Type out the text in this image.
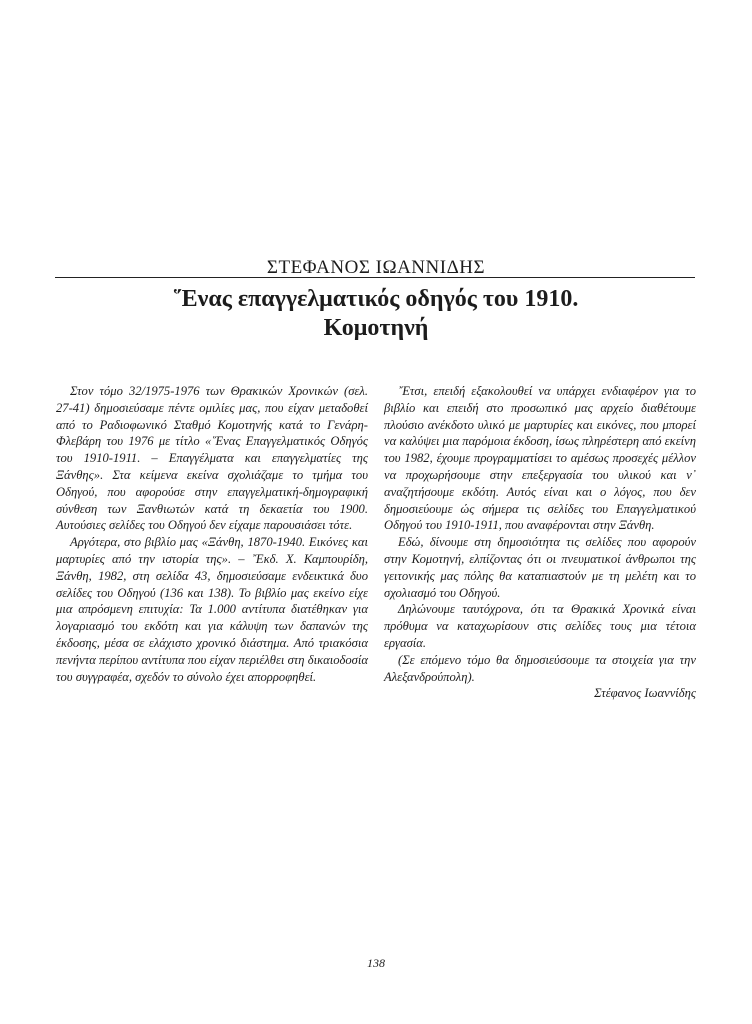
ΣΤΕΦΑΝΟΣ ΙΩΑΝΝΙΔΗΣ
῞Ενας επαγγελματικός οδηγός του 1910.
Κομοτηνή

Στον τόμο 32/1975-1976 των Θρακικών Χρονικών (σελ. 27-41) δημοσιεύσαμε πέντε ομιλίες μας, που είχαν μεταδοθεί από το Ραδιοφωνικό Σταθμό Κομοτηνής κατά το Γενάρη-Φλεβάρη του 1976 με τίτλο «῞Ενας Επαγγελματικός Οδηγός του 1910-1911. – Επαγγέλματα και επαγγελματίες της Ξάνθης». Στα κείμενα εκείνα σχολιάζαμε το τμήμα του Οδηγού, που αφορούσε στην επαγγελματική-δημογραφική σύνθεση των Ξανθιωτών κατά τη δεκαετία του 1900. Αυτούσιες σελίδες του Οδηγού δεν είχαμε παρουσιάσει τότε.

Αργότερα, στο βιβλίο μας «Ξάνθη, 1870-1940. Εικόνες και μαρτυρίες από την ιστορία της». – ῎Εκδ. Χ. Καμπουρίδη, Ξάνθη, 1982, στη σελίδα 43, δημοσιεύσαμε ενδεικτικά δυο σελίδες του Οδηγού (136 και 138). Το βιβλίο μας εκείνο είχε μια απρόσμενη επιτυχία: Τα 1.000 αντίτυπα διατέθηκαν για λογαριασμό του εκδότη και για κάλυψη των δαπανών της έκδοσης, μέσα σε ελάχιστο χρονικό διάστημα. Από τριακόσια πενήντα περίπου αντίτυπα που είχαν περιέλθει στη δικαιοδοσία του συγγραφέα, σχεδόν το σύνολο έχει απορροφηθεί.

῎Ετσι, επειδή εξακολουθεί να υπάρχει ενδιαφέρον για το βιβλίο και επειδή στο προσωπικό μας αρχείο διαθέτουμε πλούσιο ανέκδοτο υλικό με μαρτυρίες και εικόνες, που μπορεί να καλύψει μια παρόμοια έκδοση, ίσως πληρέστερη από εκείνη του 1982, έχουμε προγραμματίσει το αμέσως προσεχές μέλλον να προχωρήσουμε στην επεξεργασία του υλικού και ν᾽ αναζητήσουμε εκδότη. Αυτός είναι και ο λόγος, που δεν δημοσιεύουμε ώς σήμερα τις σελίδες του Επαγγελματικού Οδηγού του 1910-1911, που αναφέρονται στην Ξάνθη.

Εδώ, δίνουμε στη δημοσιότητα τις σελίδες που αφορούν στην Κομοτηνή, ελπίζοντας ότι οι πνευματικοί άνθρωποι της γειτονικής μας πόλης θα καταπιαστούν με τη μελέτη και το σχολιασμό του Οδηγού.

Δηλώνουμε ταυτόχρονα, ότι τα Θρακικά Χρονικά είναι πρόθυμα να καταχωρίσουν στις σελίδες τους μια τέτοια εργασία.

(Σε επόμενο τόμο θα δημοσιεύσουμε τα στοιχεία για την Αλεξανδρούπολη).

Στέφανος Ιωαννίδης

138
